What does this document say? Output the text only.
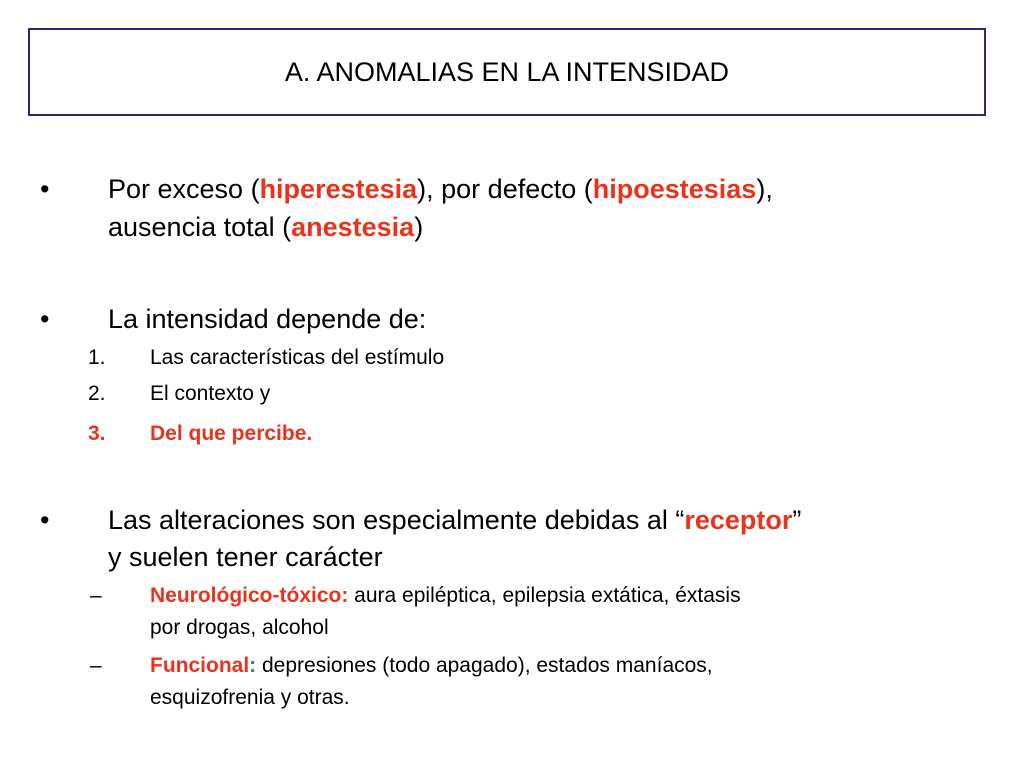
A. ANOMALIAS EN LA INTENSIDAD
• Por exceso (hiperestesia), por defecto (hipoestesias),
ausencia total (anestesia)
• La intensidad depende de:
1. Las características del estímulo
2. El contexto y
3. Del que percibe.
• Las alteraciones son especialmente debidas al “receptor”
y suelen tener carácter
– Neurológico-tóxico: aura epiléptica, epilepsia extática, éxtasis
por drogas, alcohol
– Funcional: depresiones (todo apagado), estados maníacos,
esquizofrenia y otras.
